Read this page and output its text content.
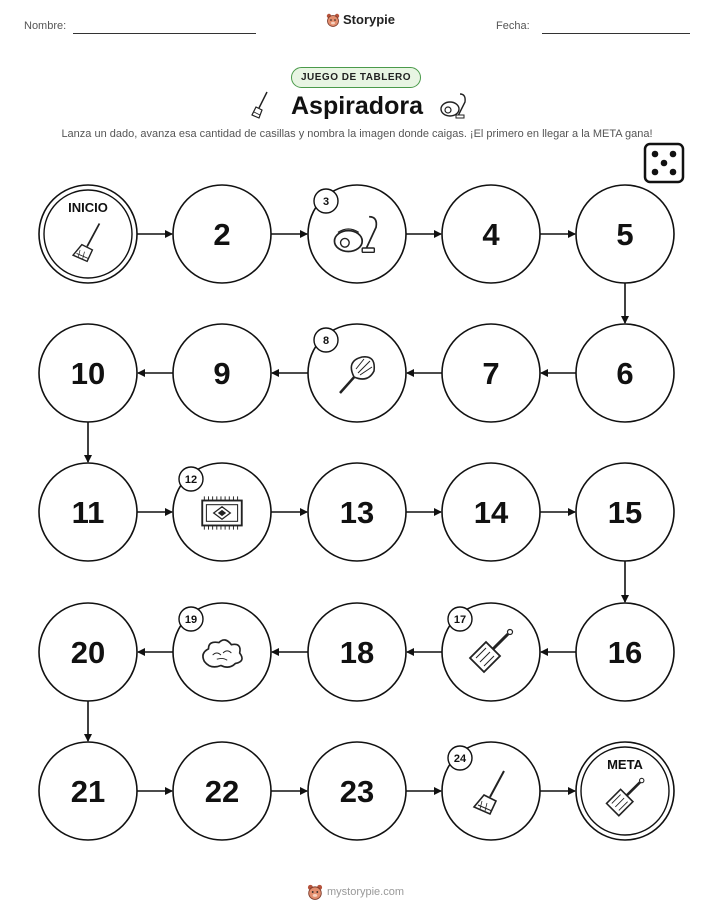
Nombre:	Storypie	Fecha:
JUEGO DE TABLERO
Aspiradora
Lanza un dado, avanza esa cantidad de casillas y nombra la imagen donde caigas. ¡El primero en llegar a la META gana!
INICIO
2
3
4	5
6
7
8
9
10
11
12
13	14	15
16
17
18
19
20
21	22	23
24	META
mystorypie.com
